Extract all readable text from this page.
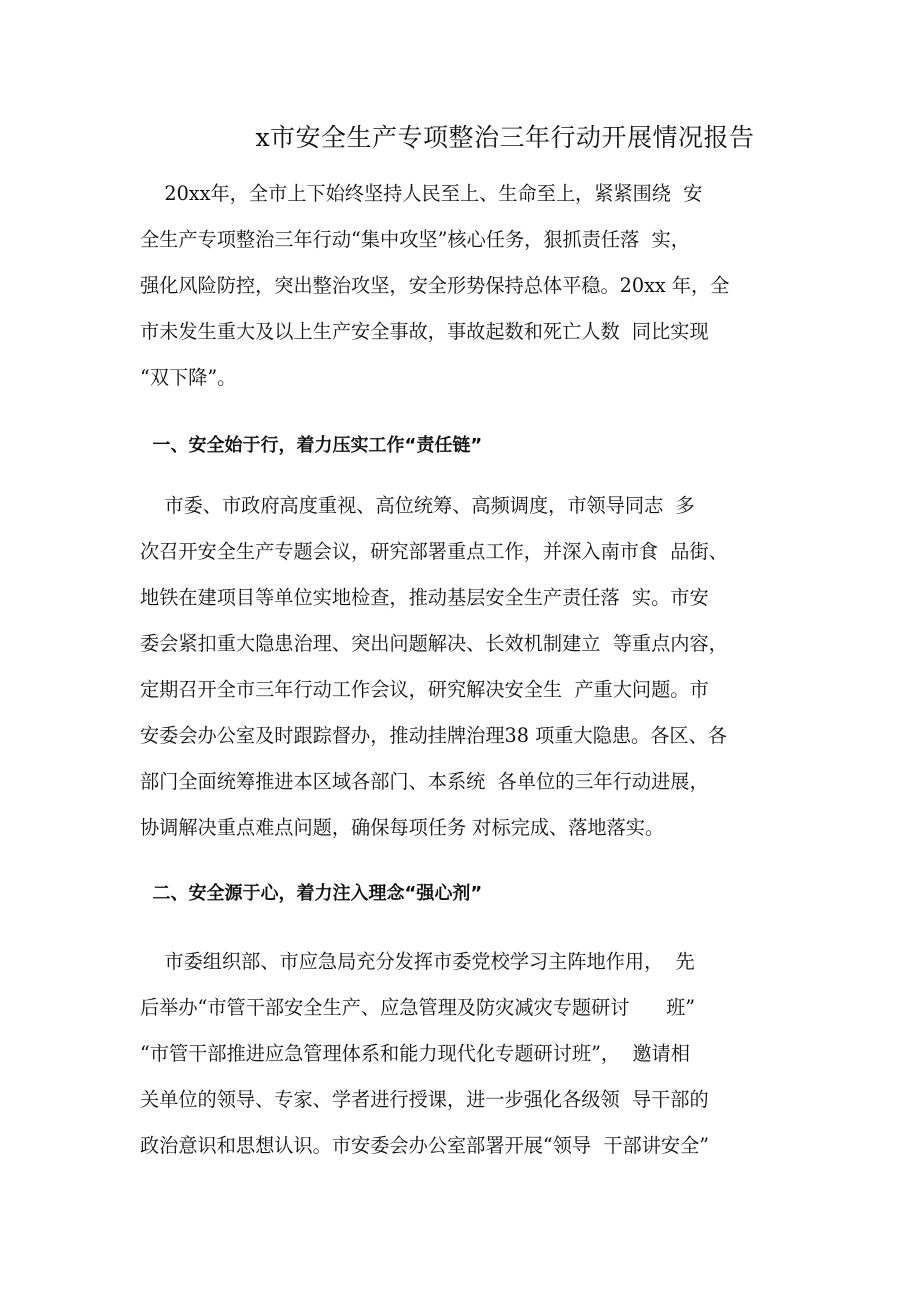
x市安全生产专项整治三年行动开展情况报告
20xx年，全市上下始终坚持人民至上、生命至上，紧紧围绕  安
全生产专项整治三年行动“集中攻坚”核心任务，狠抓责任落  实，
强化风险防控，突出整治攻坚，安全形势保持总体平稳。20xx 年，全
市未发生重大及以上生产安全事故，事故起数和死亡人数  同比实现
“双下降”。
一、安全始于行，着力压实工作“责任链”
市委、市政府高度重视、高位统筹、高频调度，市领导同志  多
次召开安全生产专题会议，研究部署重点工作，并深入南市食  品街、
地铁在建项目等单位实地检查，推动基层安全生产责任落  实。市安
委会紧扣重大隐患治理、突出问题解决、长效机制建立  等重点内容，
定期召开全市三年行动工作会议，研究解决安全生  产重大问题。市
安委会办公室及时跟踪督办，推动挂牌治理38 项重大隐患。各区、各
部门全面统筹推进本区域各部门、本系统  各单位的三年行动进展，
协调解决重点难点问题，确保每项任务 对标完成、落地落实。
二、安全源于心，着力注入理念“强心剂”
市委组织部、市应急局充分发挥市委党校学习主阵地作用，  先
后举办“市管干部安全生产、应急管理及防灾减灾专题研讨      班”
“市管干部推进应急管理体系和能力现代化专题研讨班”，  邀请相
关单位的领导、专家、学者进行授课，进一步强化各级领  导干部的
政治意识和思想认识。市安委会办公室部署开展“领导  干部讲安全”
